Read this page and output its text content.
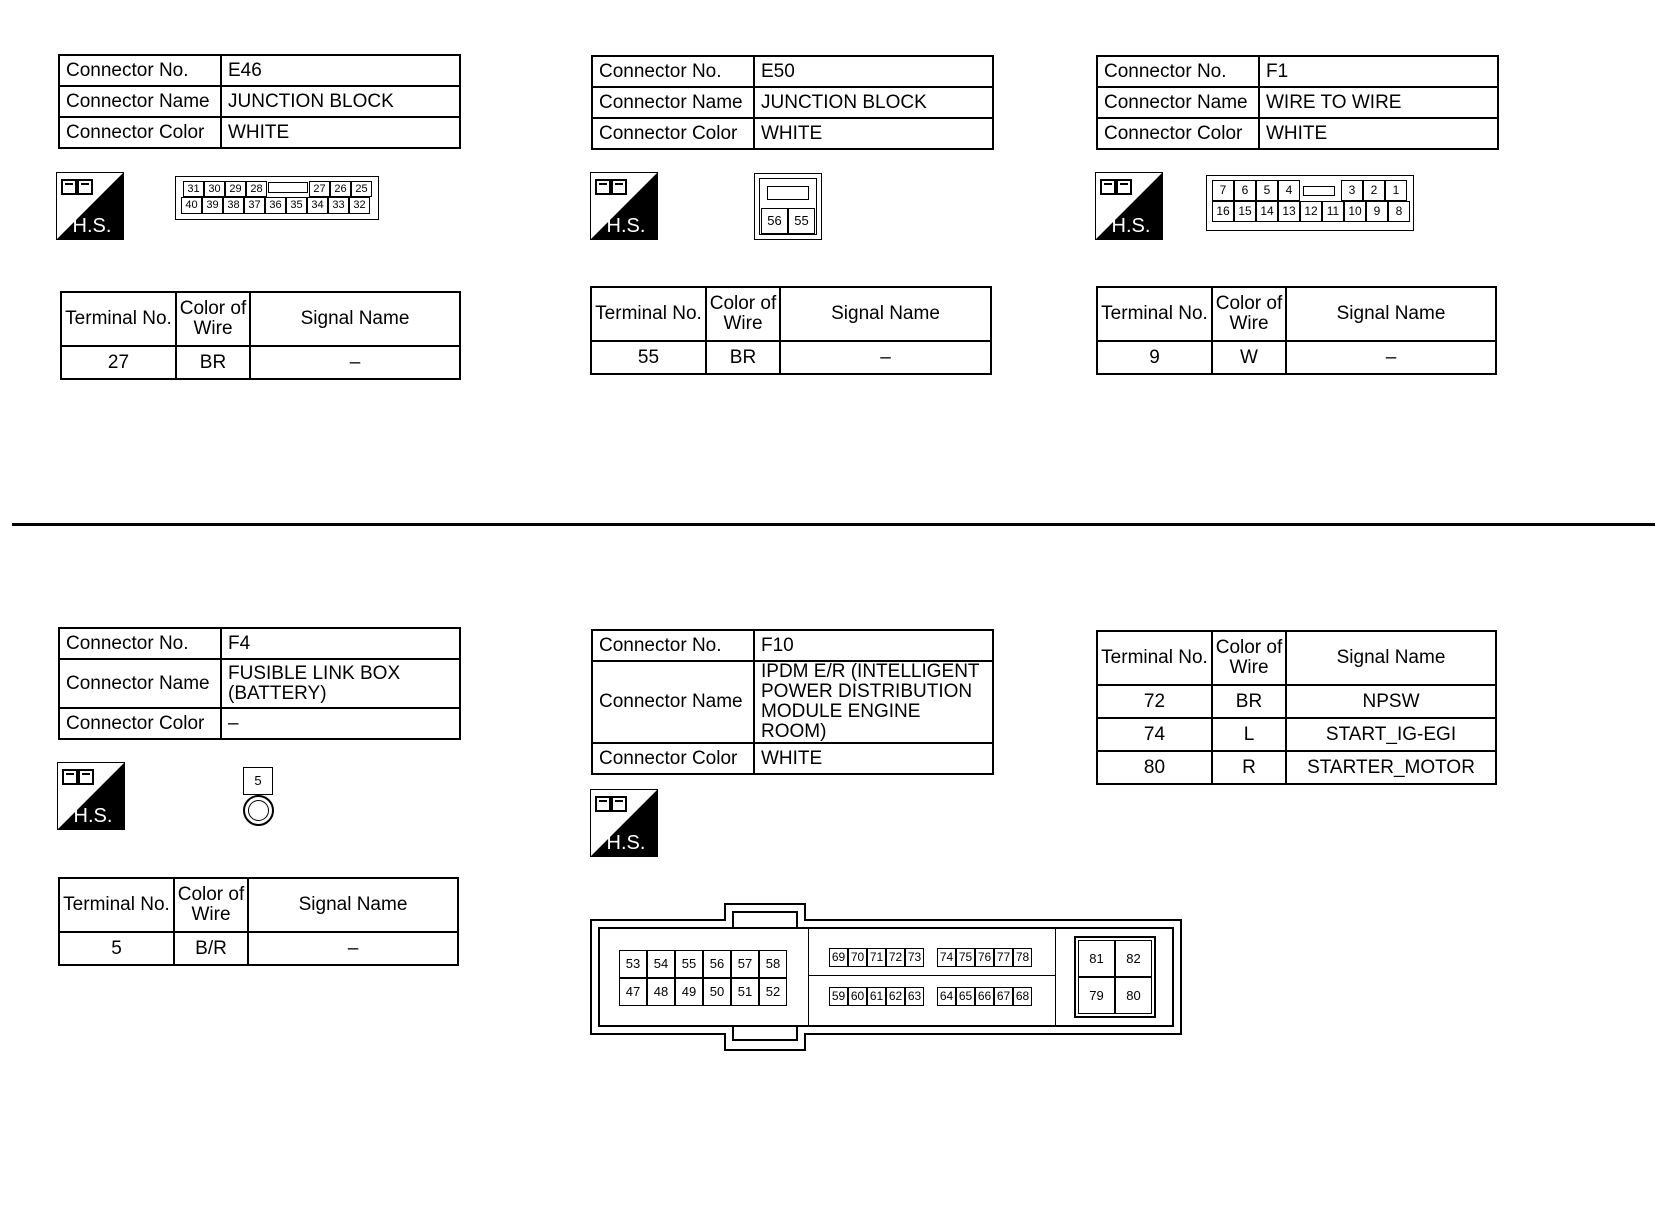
Connector No.	E46
Connector Name	JUNCTION BLOCK
Connector Color	WHITE
H.S.
Terminal No.	Color of Wire	Signal Name
27	BR	–
Connector No.	E50
Connector Name	JUNCTION BLOCK
Connector Color	WHITE
H.S.
Terminal No.	Color of Wire	Signal Name
55	BR	–
Connector No.	F1
Connector Name	WIRE TO WIRE
Connector Color	WHITE
H.S.
Terminal No.	Color of Wire	Signal Name
9	W	–
Connector No.	F4
Connector Name	FUSIBLE LINK BOX (BATTERY)
Connector Color	–
H.S.
5
Terminal No.	Color of Wire	Signal Name
5	B/R	–
Connector No.	F10
Connector Name	IPDM E/R (INTELLIGENT POWER DISTRIBUTION MODULE ENGINE ROOM)
Connector Color	WHITE
H.S.
Terminal No.	Color of Wire	Signal Name
72	BR	NPSW
74	L	START_IG-EGI
80	R	STARTER_MOTOR
31 30 29 28	27 26 25
40 39 38 37 36 35 34 33 32
56 55
7	6	5	4	3	2	1
16 15 14 13 12 11 10 9	8
53	54	55	56	57	58
47	48	49	50	51	52
69 70 71 72 73 74 75 76 77 78
59 60 61 62 63 64 65 66 67 68
81	82
79	80
